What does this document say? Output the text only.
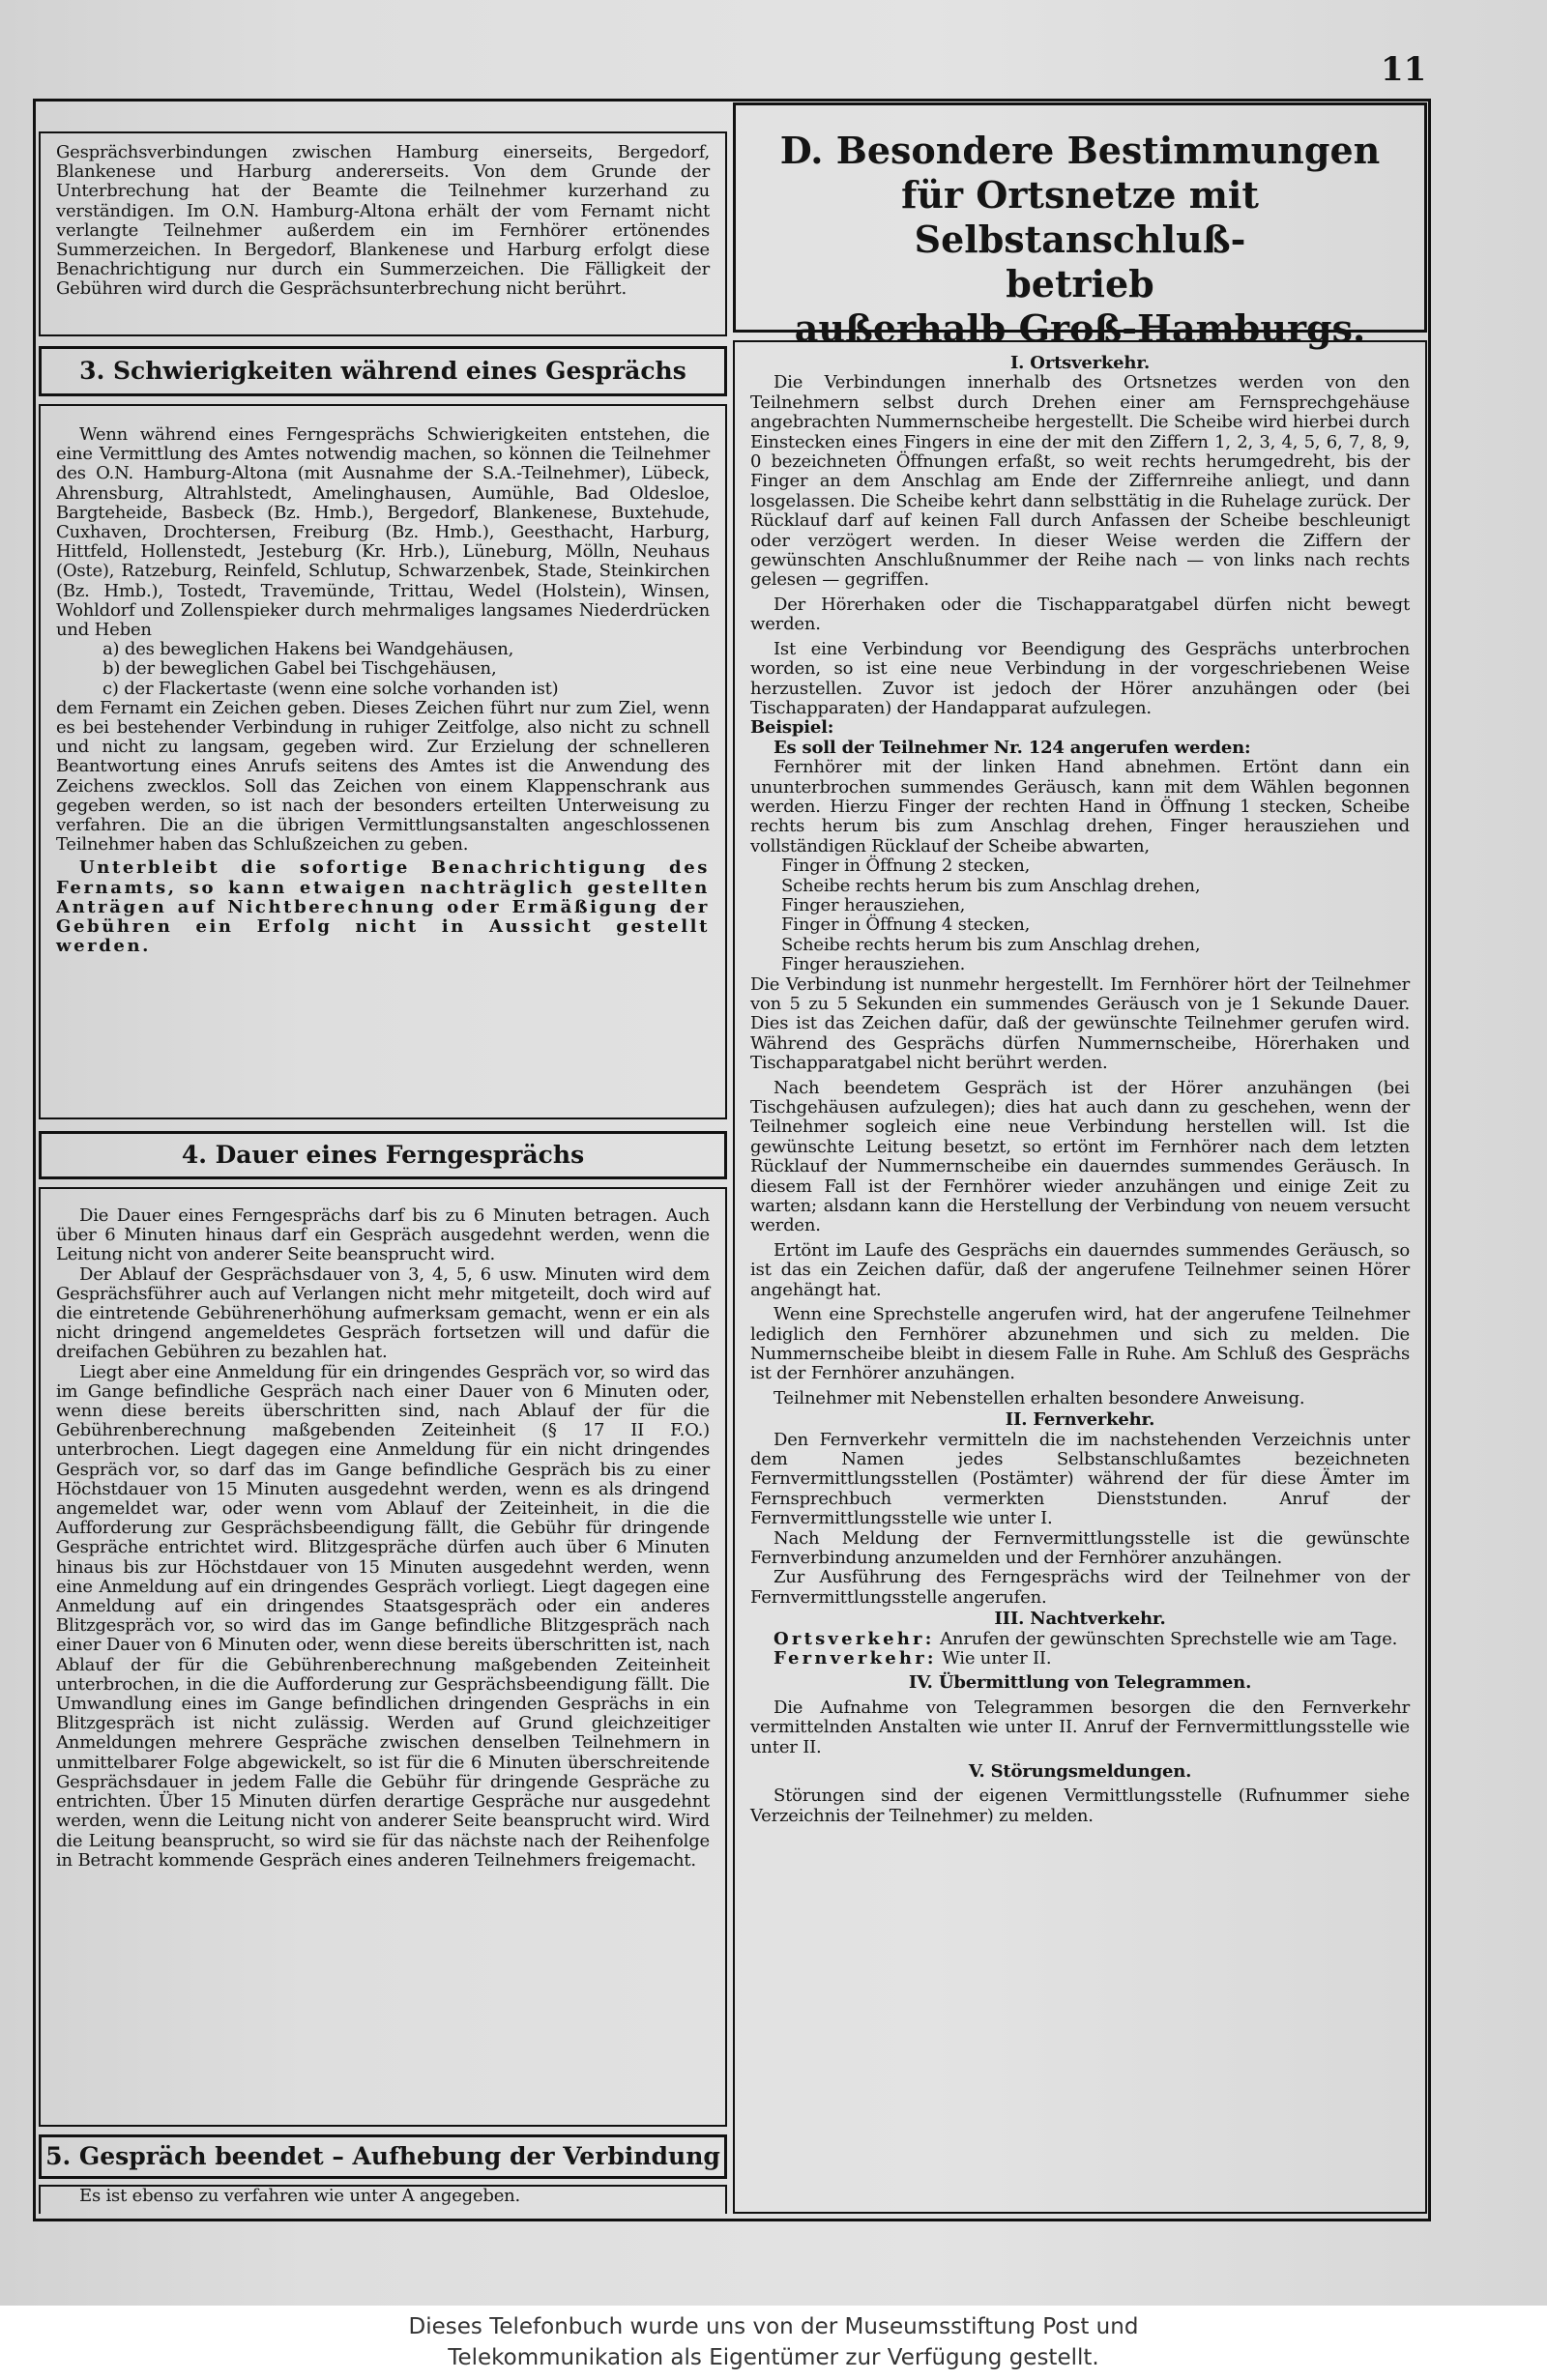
11

Gesprächsverbindungen zwischen Hamburg einerseits, Bergedorf, Blankenese und Harburg andererseits. Von dem Grunde der Unterbrechung hat der Beamte die Teilnehmer kurzerhand zu verständigen. Im O.N. Hamburg-Altona erhält der vom Fernamt nicht verlangte Teilnehmer außerdem ein im Fernhörer ertönendes Summerzeichen. In Bergedorf, Blankenese und Harburg erfolgt diese Benachrichtigung nur durch ein Summerzeichen. Die Fälligkeit der Gebühren wird durch die Gesprächsunterbrechung nicht berührt.

3. Schwierigkeiten während eines Gesprächs

Wenn während eines Ferngesprächs Schwierigkeiten entstehen, die eine Vermittlung des Amtes notwendig machen, so können die Teilnehmer des O.N. Hamburg-Altona (mit Ausnahme der S.A.-Teilnehmer), Lübeck, Ahrensburg, Altrahlstedt, Amelinghausen, Aumühle, Bad Oldesloe, Bargteheide, Basbeck (Bz. Hmb.), Bergedorf, Blankenese, Buxtehude, Cuxhaven, Drochtersen, Freiburg (Bz. Hmb.), Geesthacht, Harburg, Hittfeld, Hollenstedt, Jesteburg (Kr. Hrb.), Lüneburg, Mölln, Neuhaus (Oste), Ratzeburg, Reinfeld, Schlutup, Schwarzenbek, Stade, Steinkirchen (Bz. Hmb.), Tostedt, Travemünde, Trittau, Wedel (Holstein), Winsen, Wohldorf und Zollenspieker durch mehrmaliges langsames Niederdrücken und Heben

a) des beweglichen Hakens bei Wandgehäusen,

b) der beweglichen Gabel bei Tischgehäusen,

c) der Flackertaste (wenn eine solche vorhanden ist)

dem Fernamt ein Zeichen geben. Dieses Zeichen führt nur zum Ziel, wenn es bei bestehender Verbindung in ruhiger Zeitfolge, also nicht zu schnell und nicht zu langsam, gegeben wird. Zur Erzielung der schnelleren Beantwortung eines Anrufs seitens des Amtes ist die Anwendung des Zeichens zwecklos. Soll das Zeichen von einem Klappenschrank aus gegeben werden, so ist nach der besonders erteilten Unterweisung zu verfahren. Die an die übrigen Vermittlungsanstalten angeschlossenen Teilnehmer haben das Schlußzeichen zu geben.

Unterbleibt die sofortige Benachrichtigung des Fernamts, so kann etwaigen nachträglich gestellten Anträgen auf Nichtberechnung oder Ermäßigung der Gebühren ein Erfolg nicht in Aussicht gestellt werden.

4. Dauer eines Ferngesprächs

Die Dauer eines Ferngesprächs darf bis zu 6 Minuten betragen. Auch über 6 Minuten hinaus darf ein Gespräch ausgedehnt werden, wenn die Leitung nicht von anderer Seite beansprucht wird.

Der Ablauf der Gesprächsdauer von 3, 4, 5, 6 usw. Minuten wird dem Gesprächsführer auch auf Verlangen nicht mehr mitgeteilt, doch wird auf die eintretende Gebührenerhöhung aufmerksam gemacht, wenn er ein als nicht dringend angemeldetes Gespräch fortsetzen will und dafür die dreifachen Gebühren zu bezahlen hat.

Liegt aber eine Anmeldung für ein dringendes Gespräch vor, so wird das im Gange befindliche Gespräch nach einer Dauer von 6 Minuten oder, wenn diese bereits überschritten sind, nach Ablauf der für die Gebührenberechnung maßgebenden Zeiteinheit (§ 17 II F.O.) unterbrochen. Liegt dagegen eine Anmeldung für ein nicht dringendes Gespräch vor, so darf das im Gange befindliche Gespräch bis zu einer Höchstdauer von 15 Minuten ausgedehnt werden, wenn es als dringend angemeldet war, oder wenn vom Ablauf der Zeiteinheit, in die die Aufforderung zur Gesprächsbeendigung fällt, die Gebühr für dringende Gespräche entrichtet wird. Blitzgespräche dürfen auch über 6 Minuten hinaus bis zur Höchstdauer von 15 Minuten ausgedehnt werden, wenn eine Anmeldung auf ein dringendes Gespräch vorliegt. Liegt dagegen eine Anmeldung auf ein dringendes Staatsgespräch oder ein anderes Blitzgespräch vor, so wird das im Gange befindliche Blitzgespräch nach einer Dauer von 6 Minuten oder, wenn diese bereits überschritten ist, nach Ablauf der für die Gebührenberechnung maßgebenden Zeiteinheit unterbrochen, in die die Aufforderung zur Gesprächsbeendigung fällt. Die Umwandlung eines im Gange befindlichen dringenden Gesprächs in ein Blitzgespräch ist nicht zulässig. Werden auf Grund gleichzeitiger Anmeldungen mehrere Gespräche zwischen denselben Teilnehmern in unmittelbarer Folge abgewickelt, so ist für die 6 Minuten überschreitende Gesprächsdauer in jedem Falle die Gebühr für dringende Gespräche zu entrichten. Über 15 Minuten dürfen derartige Gespräche nur ausgedehnt werden, wenn die Leitung nicht von anderer Seite beansprucht wird. Wird die Leitung beansprucht, so wird sie für das nächste nach der Reihenfolge in Betracht kommende Gespräch eines anderen Teilnehmers freigemacht.

5. Gespräch beendet – Aufhebung der Verbindung

Es ist ebenso zu verfahren wie unter A angegeben.

D. Besondere Bestimmungen
für Ortsnetze mit Selbstanschluß-
betrieb
außerhalb Groß-Hamburgs.

I. Ortsverkehr.

Die Verbindungen innerhalb des Ortsnetzes werden von den Teilnehmern selbst durch Drehen einer am Fernsprechgehäuse angebrachten Nummernscheibe hergestellt. Die Scheibe wird hierbei durch Einstecken eines Fingers in eine der mit den Ziffern 1, 2, 3, 4, 5, 6, 7, 8, 9, 0 bezeichneten Öffnungen erfaßt, so weit rechts herumgedreht, bis der Finger an dem Anschlag am Ende der Ziffernreihe anliegt, und dann losgelassen. Die Scheibe kehrt dann selbsttätig in die Ruhelage zurück. Der Rücklauf darf auf keinen Fall durch Anfassen der Scheibe beschleunigt oder verzögert werden. In dieser Weise werden die Ziffern der gewünschten Anschlußnummer der Reihe nach — von links nach rechts gelesen — gegriffen.

Der Hörerhaken oder die Tischapparatgabel dürfen nicht bewegt werden.

Ist eine Verbindung vor Beendigung des Gesprächs unterbrochen worden, so ist eine neue Verbindung in der vorgeschriebenen Weise herzustellen. Zuvor ist jedoch der Hörer anzuhängen oder (bei Tischapparaten) der Handapparat aufzulegen.

Beispiel:

Es soll der Teilnehmer Nr. 124 angerufen werden:

Fernhörer mit der linken Hand abnehmen. Ertönt dann ein ununterbrochen summendes Geräusch, kann mit dem Wählen begonnen werden. Hierzu Finger der rechten Hand in Öffnung 1 stecken, Scheibe rechts herum bis zum Anschlag drehen, Finger herausziehen und vollständigen Rücklauf der Scheibe abwarten,

Finger in Öffnung 2 stecken,

Scheibe rechts herum bis zum Anschlag drehen,

Finger herausziehen,

Finger in Öffnung 4 stecken,

Scheibe rechts herum bis zum Anschlag drehen,

Finger herausziehen.

Die Verbindung ist nunmehr hergestellt. Im Fernhörer hört der Teilnehmer von 5 zu 5 Sekunden ein summendes Geräusch von je 1 Sekunde Dauer. Dies ist das Zeichen dafür, daß der gewünschte Teilnehmer gerufen wird. Während des Gesprächs dürfen Nummernscheibe, Hörerhaken und Tischapparatgabel nicht berührt werden.

Nach beendetem Gespräch ist der Hörer anzuhängen (bei Tischgehäusen aufzulegen); dies hat auch dann zu geschehen, wenn der Teilnehmer sogleich eine neue Verbindung herstellen will. Ist die gewünschte Leitung besetzt, so ertönt im Fernhörer nach dem letzten Rücklauf der Nummernscheibe ein dauerndes summendes Geräusch. In diesem Fall ist der Fernhörer wieder anzuhängen und einige Zeit zu warten; alsdann kann die Herstellung der Verbindung von neuem versucht werden.

Ertönt im Laufe des Gesprächs ein dauerndes summendes Geräusch, so ist das ein Zeichen dafür, daß der angerufene Teilnehmer seinen Hörer angehängt hat.

Wenn eine Sprechstelle angerufen wird, hat der angerufene Teilnehmer lediglich den Fernhörer abzunehmen und sich zu melden. Die Nummernscheibe bleibt in diesem Falle in Ruhe. Am Schluß des Gesprächs ist der Fernhörer anzuhängen.

Teilnehmer mit Nebenstellen erhalten besondere Anweisung.

II. Fernverkehr.

Den Fernverkehr vermitteln die im nachstehenden Verzeichnis unter dem Namen jedes Selbstanschlußamtes bezeichneten Fernvermittlungsstellen (Postämter) während der für diese Ämter im Fernsprechbuch vermerkten Dienststunden. Anruf der Fernvermittlungsstelle wie unter I.

Nach Meldung der Fernvermittlungsstelle ist die gewünschte Fernverbindung anzumelden und der Fernhörer anzuhängen.

Zur Ausführung des Ferngesprächs wird der Teilnehmer von der Fernvermittlungsstelle angerufen.

III. Nachtverkehr.

Ortsverkehr: Anrufen der gewünschten Sprechstelle wie am Tage.

Fernverkehr: Wie unter II.

IV. Übermittlung von Telegrammen.

Die Aufnahme von Telegrammen besorgen die den Fernverkehr vermittelnden Anstalten wie unter II. Anruf der Fernvermittlungsstelle wie unter II.

V. Störungsmeldungen.

Störungen sind der eigenen Vermittlungsstelle (Rufnummer siehe Verzeichnis der Teilnehmer) zu melden.

Dieses Telefonbuch wurde uns von der Museumsstiftung Post und
Telekommunikation als Eigentümer zur Verfügung gestellt.
